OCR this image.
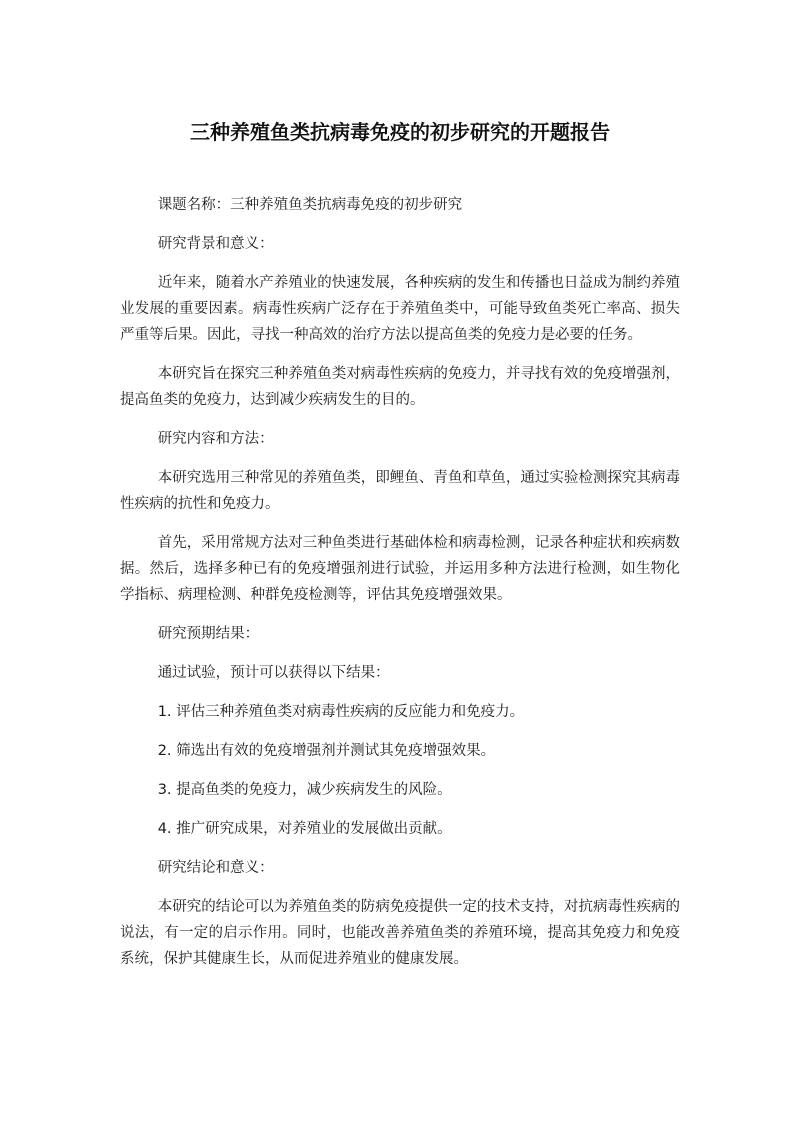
三种养殖鱼类抗病毒免疫的初步研究的开题报告

课题名称：三种养殖鱼类抗病毒免疫的初步研究

研究背景和意义：

近年来，随着水产养殖业的快速发展，各种疾病的发生和传播也日益成为制约养殖业发展的重要因素。病毒性疾病广泛存在于养殖鱼类中，可能导致鱼类死亡率高、损失严重等后果。因此，寻找一种高效的治疗方法以提高鱼类的免疫力是必要的任务。

本研究旨在探究三种养殖鱼类对病毒性疾病的免疫力，并寻找有效的免疫增强剂，提高鱼类的免疫力，达到减少疾病发生的目的。

研究内容和方法：

本研究选用三种常见的养殖鱼类，即鲤鱼、青鱼和草鱼，通过实验检测探究其病毒性疾病的抗性和免疫力。

首先，采用常规方法对三种鱼类进行基础体检和病毒检测，记录各种症状和疾病数据。然后，选择多种已有的免疫增强剂进行试验，并运用多种方法进行检测，如生物化学指标、病理检测、种群免疫检测等，评估其免疫增强效果。

研究预期结果：

通过试验，预计可以获得以下结果：

1. 评估三种养殖鱼类对病毒性疾病的反应能力和免疫力。

2. 筛选出有效的免疫增强剂并测试其免疫增强效果。

3. 提高鱼类的免疫力，减少疾病发生的风险。

4. 推广研究成果，对养殖业的发展做出贡献。

研究结论和意义：

本研究的结论可以为养殖鱼类的防病免疫提供一定的技术支持，对抗病毒性疾病的说法，有一定的启示作用。同时，也能改善养殖鱼类的养殖环境，提高其免疫力和免疫系统，保护其健康生长，从而促进养殖业的健康发展。
